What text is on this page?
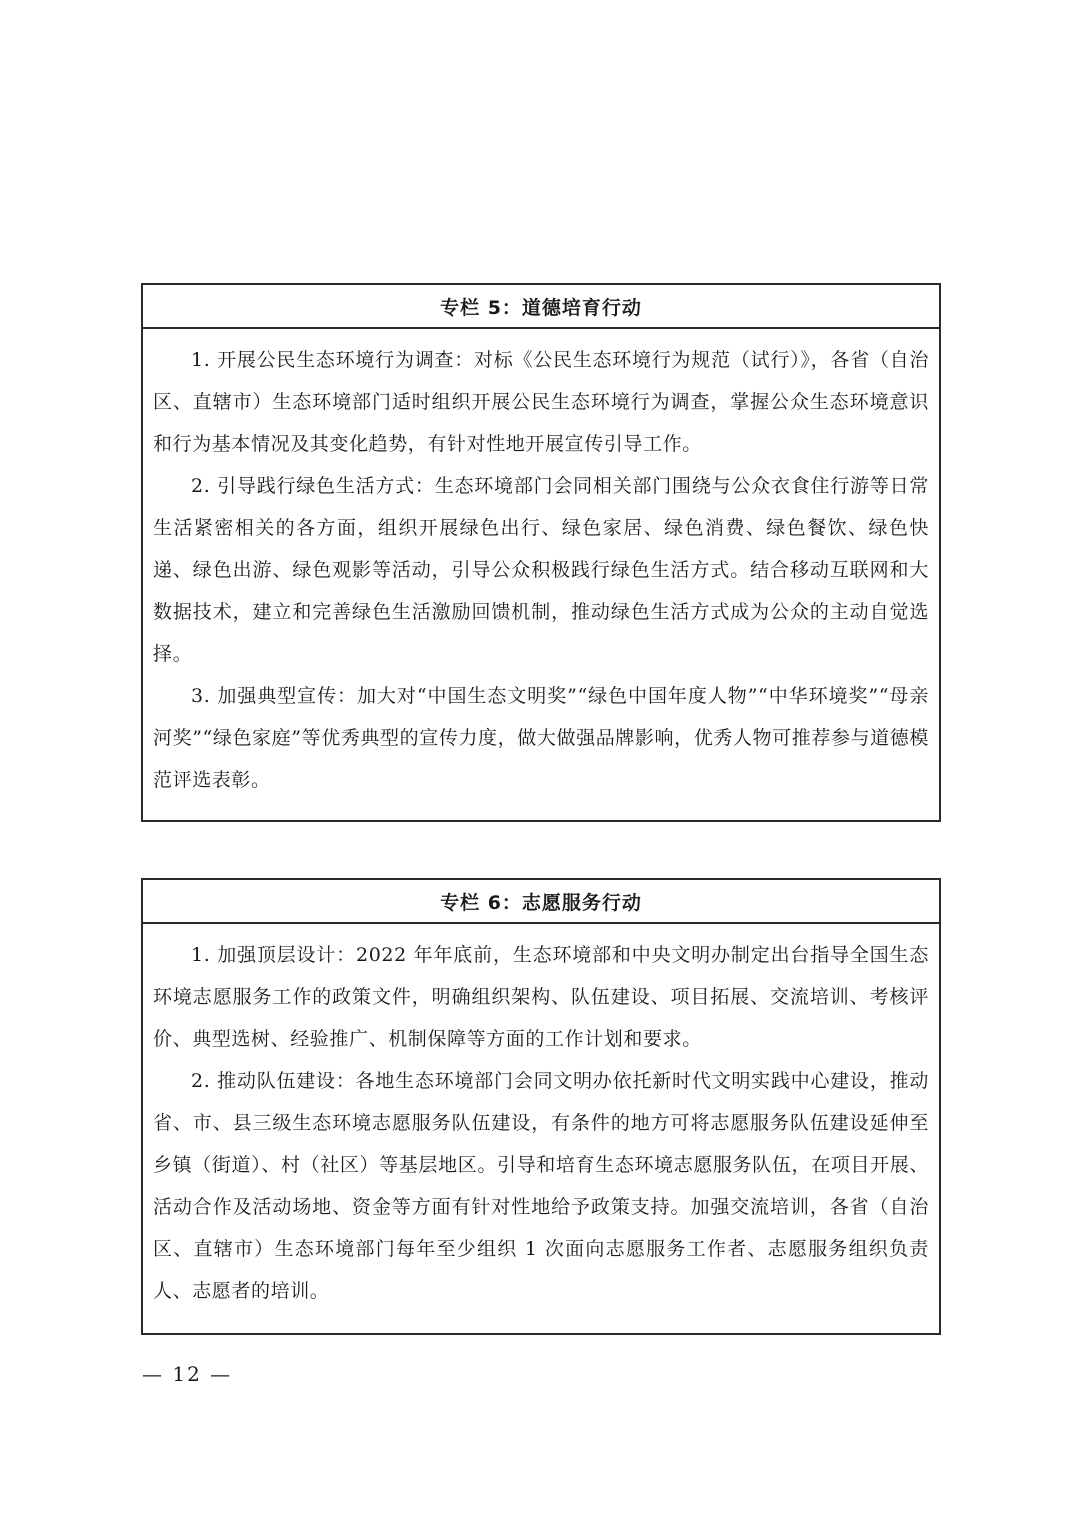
专栏 5：道德培育行动

1. 开展公民生态环境行为调查：对标《公民生态环境行为规范（试行）》，各省（自治区、直辖市）生态环境部门适时组织开展公民生态环境行为调查，掌握公众生态环境意识和行为基本情况及其变化趋势，有针对性地开展宣传引导工作。

2. 引导践行绿色生活方式：生态环境部门会同相关部门围绕与公众衣食住行游等日常生活紧密相关的各方面，组织开展绿色出行、绿色家居、绿色消费、绿色餐饮、绿色快递、绿色出游、绿色观影等活动，引导公众积极践行绿色生活方式。结合移动互联网和大数据技术，建立和完善绿色生活激励回馈机制，推动绿色生活方式成为公众的主动自觉选择。

3. 加强典型宣传：加大对“中国生态文明奖”“绿色中国年度人物”“中华环境奖”“母亲河奖”“绿色家庭”等优秀典型的宣传力度，做大做强品牌影响，优秀人物可推荐参与道德模范评选表彰。

专栏 6：志愿服务行动

1. 加强顶层设计：2022 年年底前，生态环境部和中央文明办制定出台指导全国生态环境志愿服务工作的政策文件，明确组织架构、队伍建设、项目拓展、交流培训、考核评价、典型选树、经验推广、机制保障等方面的工作计划和要求。

2. 推动队伍建设：各地生态环境部门会同文明办依托新时代文明实践中心建设，推动省、市、县三级生态环境志愿服务队伍建设，有条件的地方可将志愿服务队伍建设延伸至乡镇（街道）、村（社区）等基层地区。引导和培育生态环境志愿服务队伍，在项目开展、活动合作及活动场地、资金等方面有针对性地给予政策支持。加强交流培训，各省（自治区、直辖市）生态环境部门每年至少组织 1 次面向志愿服务工作者、志愿服务组织负责人、志愿者的培训。

— 12 —
